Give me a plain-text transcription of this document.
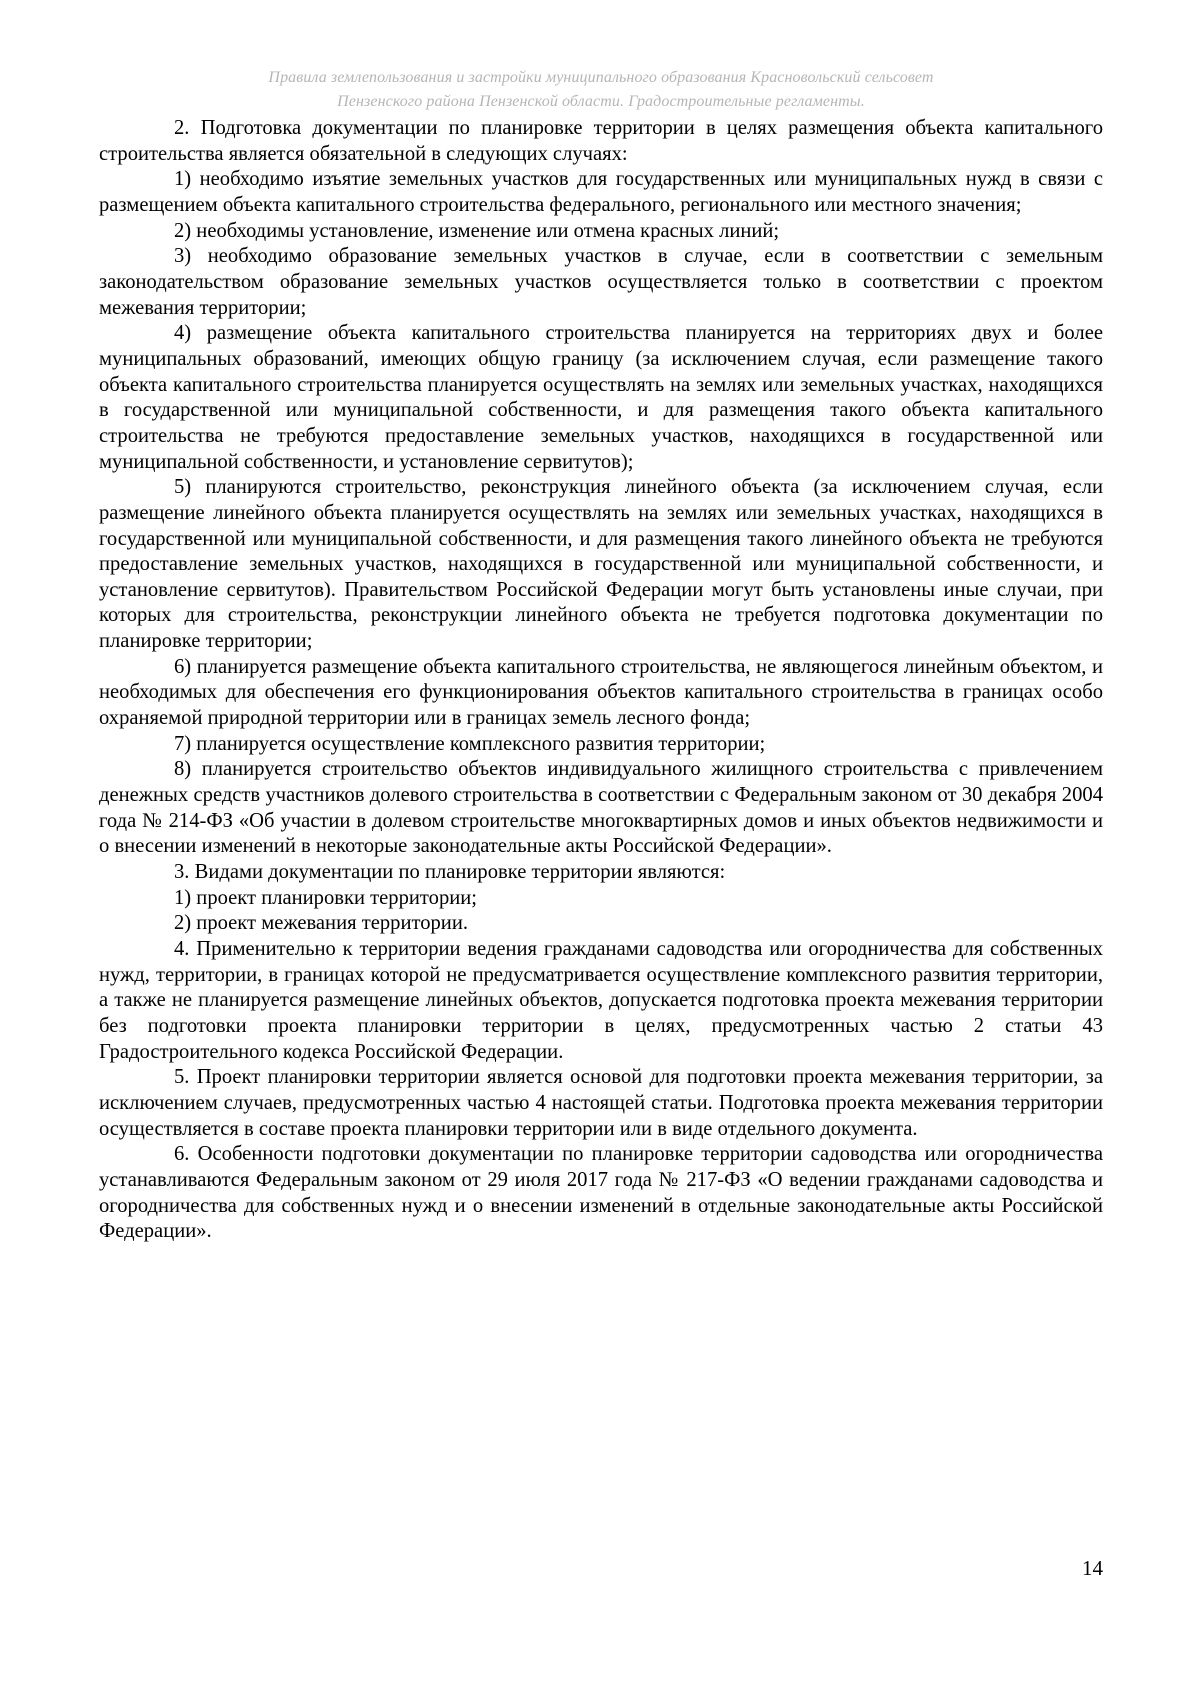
Правила землепользования и застройки муниципального образования Красновольский сельсовет
Пензенского района Пензенской области. Градостроительные регламенты.

2. Подготовка документации по планировке территории в целях размещения объекта капитального строительства является обязательной в следующих случаях:

1) необходимо изъятие земельных участков для государственных или муниципальных нужд в связи с размещением объекта капитального строительства федерального, регионального или местного значения;

2) необходимы установление, изменение или отмена красных линий;

3) необходимо образование земельных участков в случае, если в соответствии с земельным законодательством образование земельных участков осуществляется только в соответствии с проектом межевания территории;

4) размещение объекта капитального строительства планируется на территориях двух и более муниципальных образований, имеющих общую границу (за исключением случая, если размещение такого объекта капитального строительства планируется осуществлять на землях или земельных участках, находящихся в государственной или муниципальной собственности, и для размещения такого объекта капитального строительства не требуются предоставление земельных участков, находящихся в государственной или муниципальной собственности, и установление сервитутов);

5) планируются строительство, реконструкция линейного объекта (за исключением случая, если размещение линейного объекта планируется осуществлять на землях или земельных участках, находящихся в государственной или муниципальной собственности, и для размещения такого линейного объекта не требуются предоставление земельных участков, находящихся в государственной или муниципальной собственности, и установление сервитутов). Правительством Российской Федерации могут быть установлены иные случаи, при которых для строительства, реконструкции линейного объекта не требуется подготовка документации по планировке территории;

6) планируется размещение объекта капитального строительства, не являющегося линейным объектом, и необходимых для обеспечения его функционирования объектов капитального строительства в границах особо охраняемой природной территории или в границах земель лесного фонда;

7) планируется осуществление комплексного развития территории;

8) планируется строительство объектов индивидуального жилищного строительства с привлечением денежных средств участников долевого строительства в соответствии с Федеральным законом от 30 декабря 2004 года № 214-ФЗ «Об участии в долевом строительстве многоквартирных домов и иных объектов недвижимости и о внесении изменений в некоторые законодательные акты Российской Федерации».

3. Видами документации по планировке территории являются:

1) проект планировки территории;

2) проект межевания территории.

4. Применительно к территории ведения гражданами садоводства или огородничества для собственных нужд, территории, в границах которой не предусматривается осуществление комплексного развития территории, а также не планируется размещение линейных объектов, допускается подготовка проекта межевания территории без подготовки проекта планировки территории в целях, предусмотренных частью 2 статьи 43 Градостроительного кодекса Российской Федерации.

5. Проект планировки территории является основой для подготовки проекта межевания территории, за исключением случаев, предусмотренных частью 4 настоящей статьи. Подготовка проекта межевания территории осуществляется в составе проекта планировки территории или в виде отдельного документа.

6. Особенности подготовки документации по планировке территории садоводства или огородничества устанавливаются Федеральным законом от 29 июля 2017 года № 217-ФЗ «О ведении гражданами садоводства и огородничества для собственных нужд и о внесении изменений в отдельные законодательные акты Российской Федерации».

14
